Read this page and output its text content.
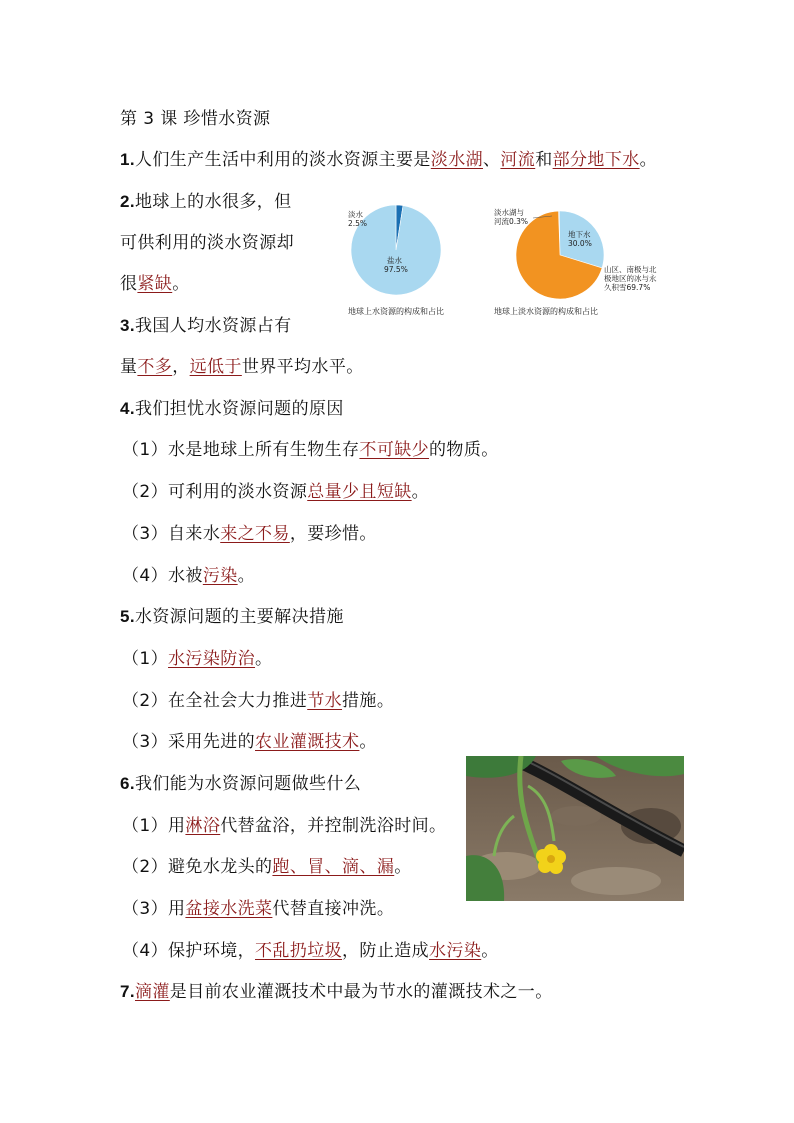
第 3 课 珍惜水资源
1.人们生产生活中利用的淡水资源主要是淡水湖、河流和部分地下水。
2.地球上的水很多，但
可供利用的淡水资源却
很紧缺。
淡水
2.5%
盐水
97.5%
地球上水资源的构成和占比
淡水湖与
河流0.3%
地下水
30.0%
山区、南极与北
极地区的冰与永
久积雪69.7%
地球上淡水资源的构成和占比
3.我国人均水资源占有
量不多，远低于世界平均水平。
4.我们担忧水资源问题的原因
（1）水是地球上所有生物生存不可缺少的物质。
（2）可利用的淡水资源总量少且短缺。
（3）自来水来之不易，要珍惜。
（4）水被污染。
5.水资源问题的主要解决措施
（1）水污染防治。
（2）在全社会大力推进节水措施。
（3）采用先进的农业灌溉技术。
6.我们能为水资源问题做些什么
（1）用淋浴代替盆浴，并控制洗浴时间。
（2）避免水龙头的跑、冒、滴、漏。
（3）用盆接水洗菜代替直接冲洗。
（4）保护环境，不乱扔垃圾，防止造成水污染。
7.滴灌是目前农业灌溉技术中最为节水的灌溉技术之一。
